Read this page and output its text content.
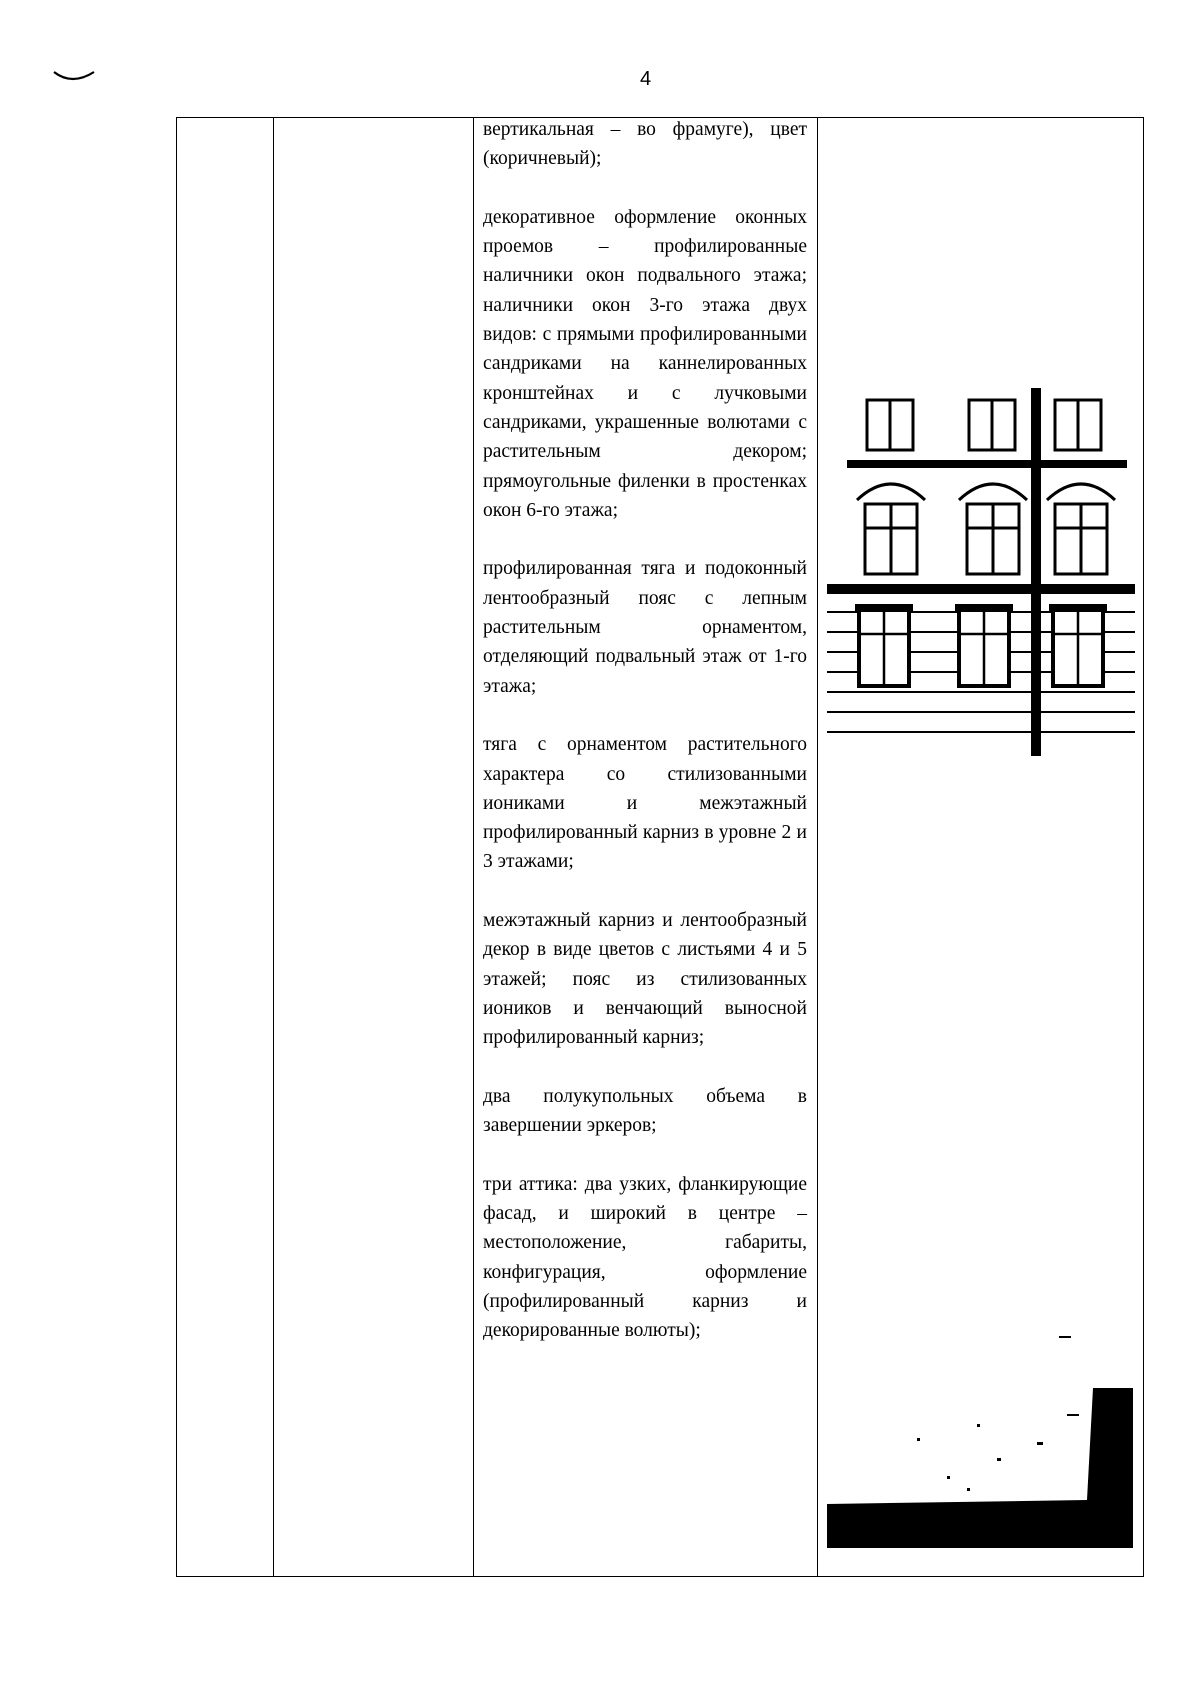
4

вертикальная – во фрамуге), цвет (коричневый);

декоративное оформление оконных проемов – профилированные наличники окон подвального этажа; наличники окон 3-го этажа двух видов: с прямыми профилированными сандриками на каннелированных кронштейнах и с лучковыми сандриками, украшенные волютами с растительным декором; прямоугольные филенки в простенках окон 6-го этажа;

профилированная тяга и подоконный лентообразный пояс с лепным растительным орнаментом, отделяющий подвальный этаж от 1-го этажа;

тяга с орнаментом растительного характера со стилизованными иониками и межэтажный профилированный карниз в уровне 2 и 3 этажами;

межэтажный карниз и лентообразный декор в виде цветов с листьями 4 и 5 этажей; пояс из стилизованных иоников и венчающий выносной профилированный карниз;

два полукупольных объема в завершении эркеров;

три аттика: два узких, фланкирующие фасад, и широкий в центре – местоположение, габариты, конфигурация, оформление (профилированный карниз и декорированные волюты);
